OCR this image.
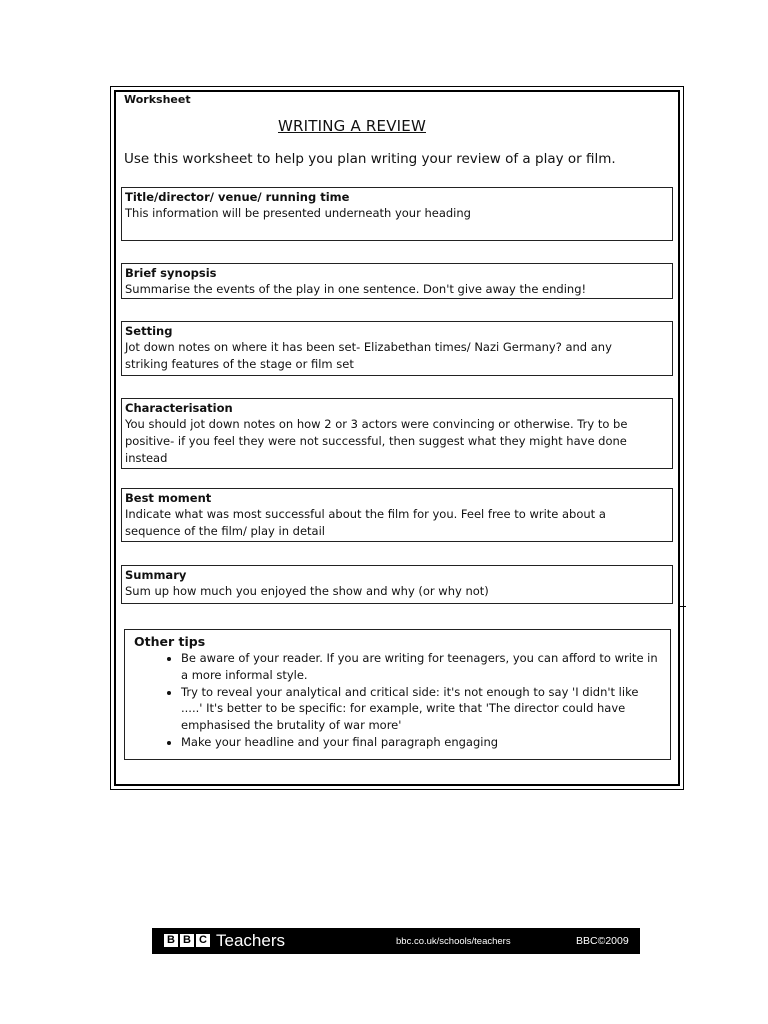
Worksheet
WRITING A REVIEW
Use this worksheet to help you plan writing your review of a play or film.
Title/director/ venue/ running time
This information will be presented underneath your heading
Brief synopsis
Summarise the events of the play in one sentence. Don't give away the ending!
Setting
Jot down notes on where it has been set- Elizabethan times/ Nazi Germany? and any
striking features of the stage or film set
Characterisation
You should jot down notes on how 2 or 3 actors were convincing or otherwise. Try to be
positive- if you feel they were not successful, then suggest what they might have done
instead
Best moment
Indicate what was most successful about the film for you. Feel free to write about a
sequence of the film/ play in detail
Summary
Sum up how much you enjoyed the show and why (or why not)
Other tips
• Be aware of your reader. If you are writing for teenagers, you can afford to write in a more informal style.
• Try to reveal your analytical and critical side: it's not enough to say 'I didn't like .....' It's better to be specific: for example, write that 'The director could have emphasised the brutality of war more'
• Make your headline and your final paragraph engaging
B B C Teachers	bbc.co.uk/schools/teachers	BBC©2009
